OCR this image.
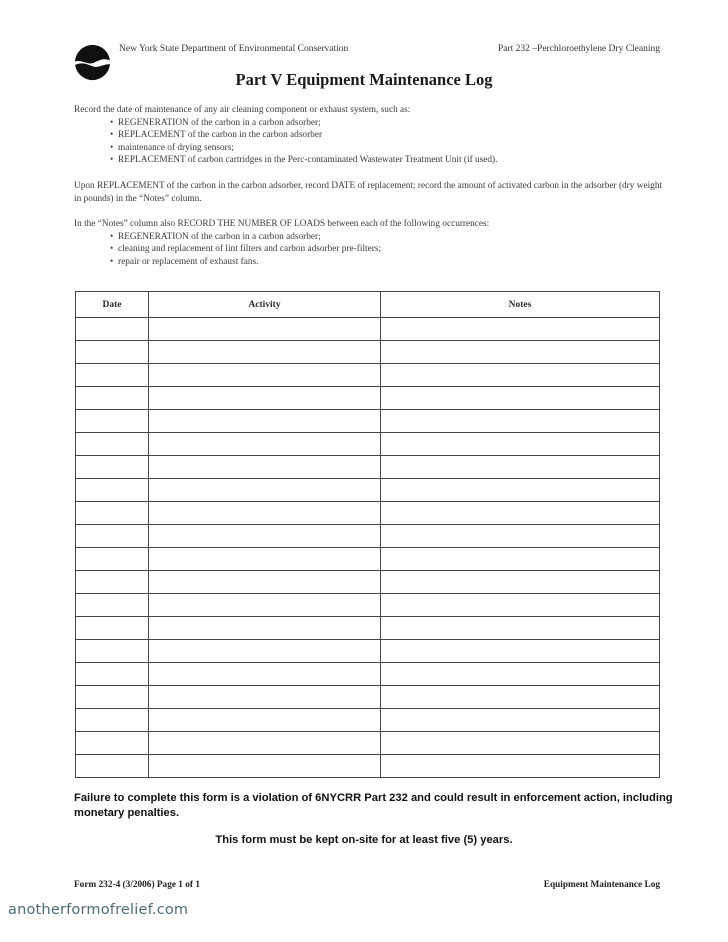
New York State Department of Environmental Conservation	Part 232 –Perchloroethylene Dry Cleaning
Part V Equipment Maintenance Log

Record the date of maintenance of any air cleaning component or exhaust system, such as:

• REGENERATION of the carbon in a carbon adsorber;
• REPLACEMENT of the carbon in the carbon adsorber
• maintenance of drying sensors;
• REPLACEMENT of carbon cartridges in the Perc-contaminated Wastewater Treatment Unit (if used).

Upon REPLACEMENT of the carbon in the carbon adsorber, record DATE of replacement; record the amount of activated carbon in the adsorber (dry weight in pounds) in the “Notes” column.

In the “Notes” column also RECORD THE NUMBER OF LOADS between each of the following occurrences:

• REGENERATION of the carbon in a carbon adsorber;
• cleaning and replacement of lint filters and carbon adsorber pre-filters;
• repair or replacement of exhaust fans.
Date	Activity	Notes

Failure to complete this form is a violation of 6NYCRR Part 232 and could result in enforcement action, including monetary penalties.
This form must be kept on-site for at least five (5) years.
Form 232-4 (3/2006) Page 1 of 1	Equipment Maintenance Log
anotherformofrelief.com
